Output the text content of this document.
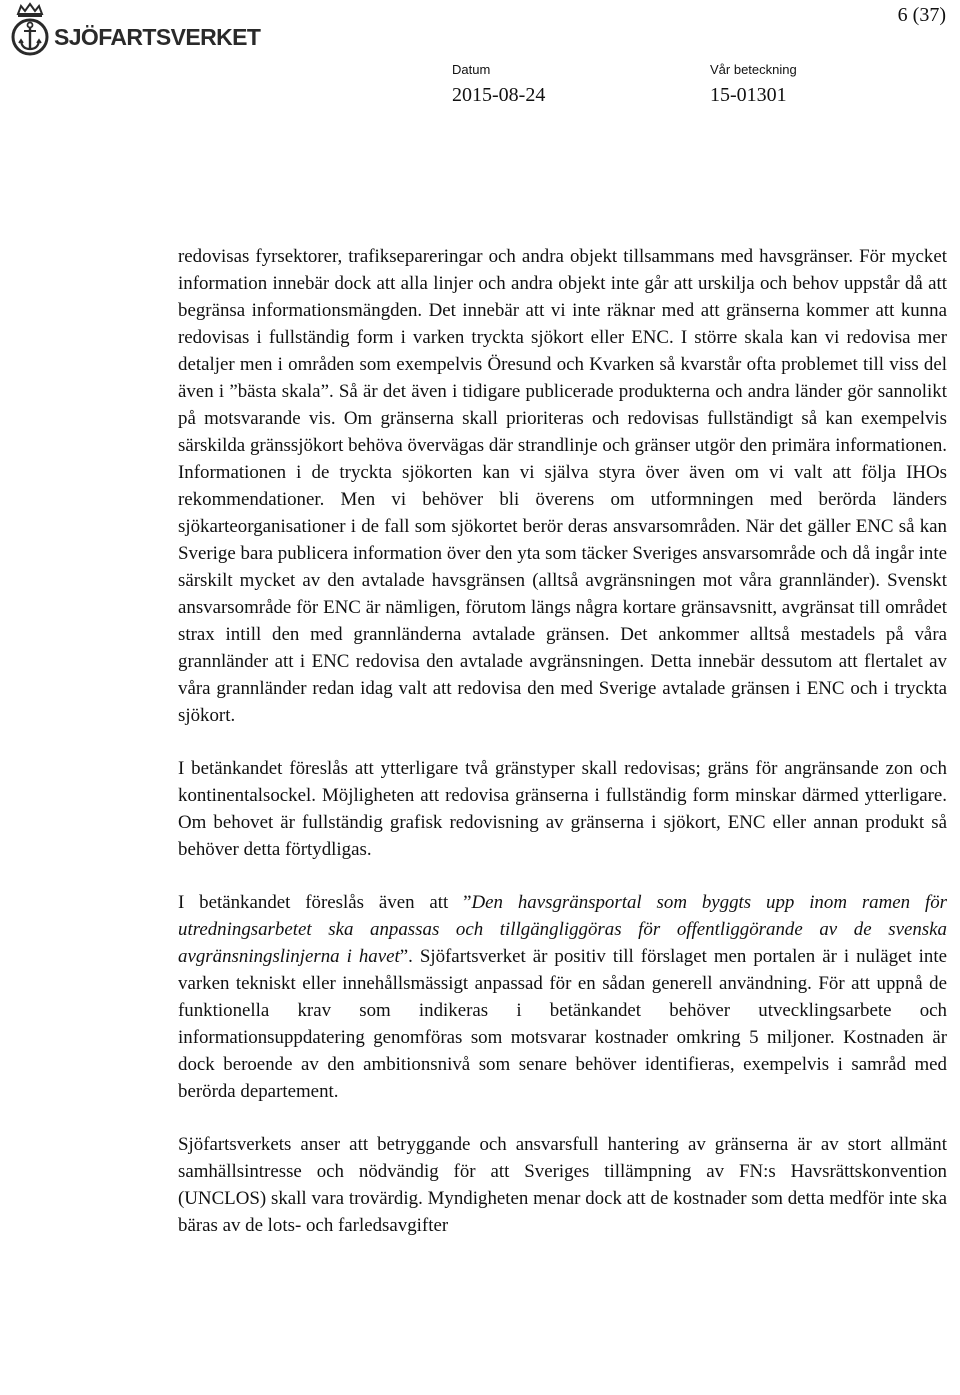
SJÖFARTSVERKET
6 (37)
Datum
2015-08-24
Vår beteckning
15-01301

redovisas fyrsektorer, trafiksepareringar och andra objekt tillsammans med havsgränser. För mycket information innebär dock att alla linjer och andra objekt inte går att urskilja och behov uppstår då att begränsa informationsmängden. Det innebär att vi inte räknar med att gränserna kommer att kunna redovisas i fullständig form i varken tryckta sjökort eller ENC. I större skala kan vi redovisa mer detaljer men i områden som exempelvis Öresund och Kvarken så kvarstår ofta problemet till viss del även i ”bästa skala”. Så är det även i tidigare publicerade produkterna och andra länder gör sannolikt på motsvarande vis. Om gränserna skall prioriteras och redovisas fullständigt så kan exempelvis särskilda gränssjökort behöva övervägas där strandlinje och gränser utgör den primära informationen. Informationen i de tryckta sjökorten kan vi själva styra över även om vi valt att följa IHOs rekommendationer. Men vi behöver bli överens om utformningen med berörda länders sjökarteorganisationer i de fall som sjökortet berör deras ansvarsområden. När det gäller ENC så kan Sverige bara publicera information över den yta som täcker Sveriges ansvarsområde och då ingår inte särskilt mycket av den avtalade havsgränsen (alltså avgränsningen mot våra grannländer). Svenskt ansvarsområde för ENC är nämligen, förutom längs några kortare gränsavsnitt, avgränsat till området strax intill den med grannländerna avtalade gränsen. Det ankommer alltså mestadels på våra grannländer att i ENC redovisa den avtalade avgränsningen. Detta innebär dessutom att flertalet av våra grannländer redan idag valt att redovisa den med Sverige avtalade gränsen i ENC och i tryckta sjökort.

I betänkandet föreslås att ytterligare två gränstyper skall redovisas; gräns för angränsande zon och kontinentalsockel. Möjligheten att redovisa gränserna i fullständig form minskar därmed ytterligare. Om behovet är fullständig grafisk redovisning av gränserna i sjökort, ENC eller annan produkt så behöver detta förtydligas.

I betänkandet föreslås även att ”Den havsgränsportal som byggts upp inom ramen för utredningsarbetet ska anpassas och tillgängliggöras för offentliggörande av de svenska avgränsningslinjerna i havet”. Sjöfartsverket är positiv till förslaget men portalen är i nuläget inte varken tekniskt eller innehållsmässigt anpassad för en sådan generell användning. För att uppnå de funktionella krav som indikeras i betänkandet behöver utvecklingsarbete och informationsuppdatering genomföras som motsvarar kostnader omkring 5 miljoner. Kostnaden är dock beroende av den ambitionsnivå som senare behöver identifieras, exempelvis i samråd med berörda departement.

Sjöfartsverkets anser att betryggande och ansvarsfull hantering av gränserna är av stort allmänt samhällsintresse och nödvändig för att Sveriges tillämpning av FN:s Havsrättskonvention (UNCLOS) skall vara trovärdig. Myndigheten menar dock att de kostnader som detta medför inte ska bäras av de lots- och farledsavgifter
